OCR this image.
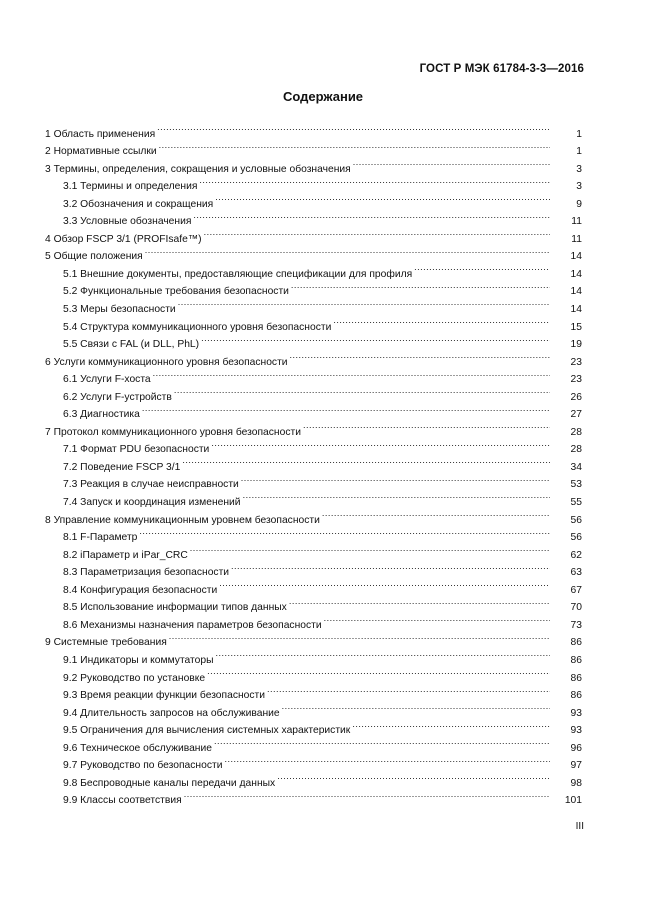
ГОСТ Р МЭК 61784-3-3—2016
Содержание
1 Область применения .....	1
2 Нормативные ссылки .....	1
3 Термины, определения, сокращения и условные обозначения .....	3
3.1 Термины и определения .....	3
3.2 Обозначения и сокращения .....	9
3.3 Условные обозначения .....	11
4 Обзор FSCP 3/1 (PROFIsafe™) .....	11
5 Общие положения .....	14
5.1 Внешние документы, предоставляющие спецификации для профиля .....	14
5.2 Функциональные требования безопасности .....	14
5.3 Меры безопасности .....	14
5.4 Структура коммуникационного уровня безопасности .....	15
5.5 Связи с FAL (и DLL, PhL) .....	19
6 Услуги коммуникационного уровня безопасности .....	23
6.1 Услуги F-хоста .....	23
6.2 Услуги F-устройств .....	26
6.3 Диагностика .....	27
7 Протокол коммуникационного уровня безопасности .....	28
7.1 Формат PDU безопасности .....	28
7.2 Поведение FSCP 3/1 .....	34
7.3 Реакция в случае неисправности .....	53
7.4 Запуск и координация изменений .....	55
8 Управление коммуникационным уровнем безопасности .....	56
8.1 F-Параметр .....	56
8.2 iПараметр и iPar_CRC .....	62
8.3 Параметризация безопасности .....	63
8.4 Конфигурация безопасности .....	67
8.5 Использование информации типов данных .....	70
8.6 Механизмы назначения параметров безопасности .....	73
9 Системные требования .....	86
9.1 Индикаторы и коммутаторы .....	86
9.2 Руководство по установке .....	86
9.3 Время реакции функции безопасности .....	86
9.4 Длительность запросов на обслуживание .....	93
9.5 Ограничения для вычисления системных характеристик .....	93
9.6 Техническое обслуживание .....	96
9.7 Руководство по безопасности .....	97
9.8 Беспроводные каналы передачи данных .....	98
9.9 Классы соответствия .....	101
III
